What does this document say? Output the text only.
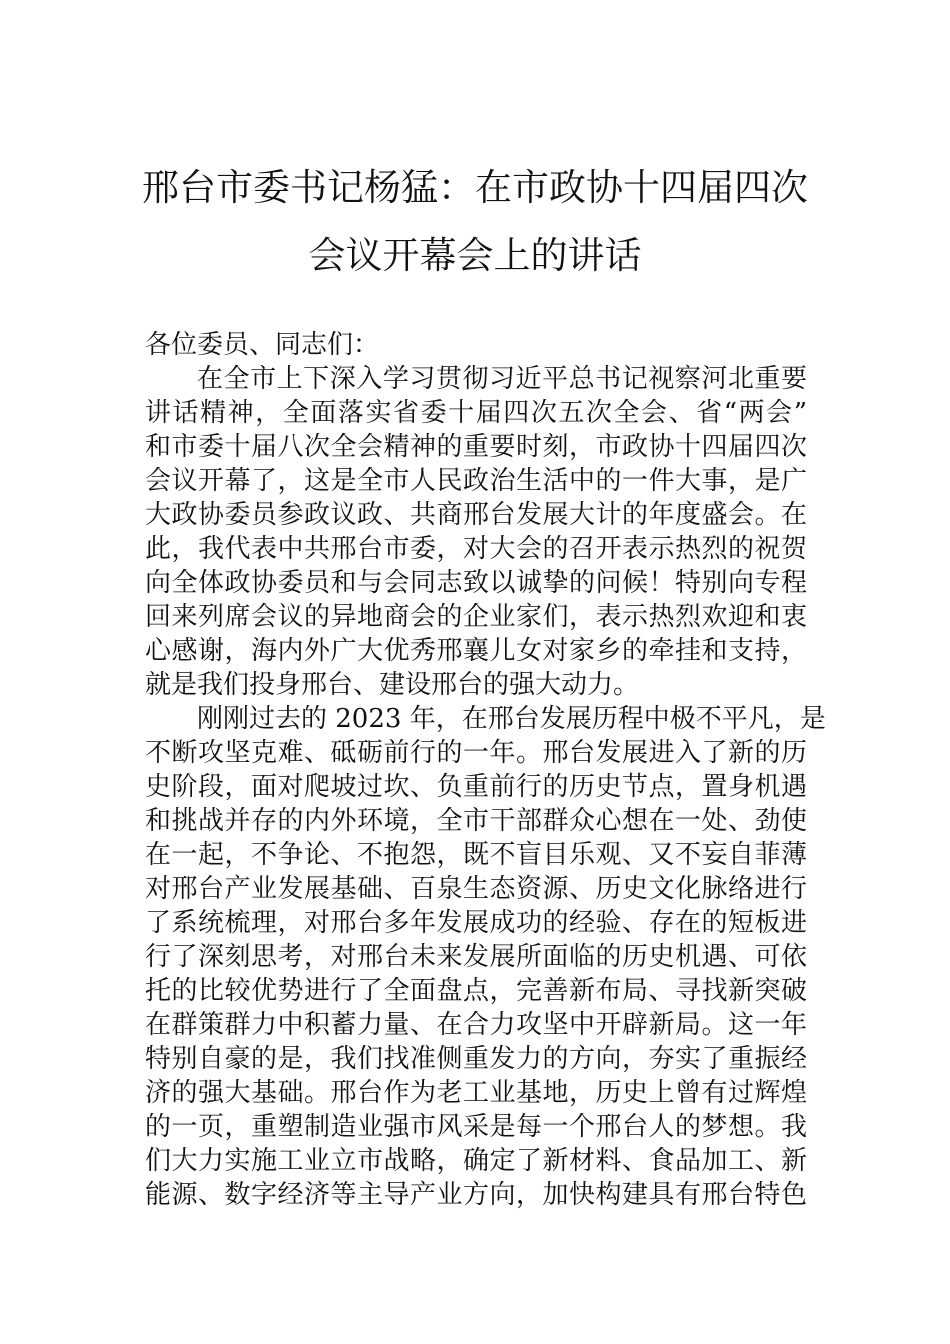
邢台市委书记杨猛：在市政协十四届四次
会议开幕会上的讲话
各位委员、同志们：
在全市上下深入学习贯彻习近平总书记视察河北重要
讲话精神，全面落实省委十届四次五次全会、省“两会”
和市委十届八次全会精神的重要时刻，市政协十四届四次
会议开幕了，这是全市人民政治生活中的一件大事，是广
大政协委员参政议政、共商邢台发展大计的年度盛会。在
此，我代表中共邢台市委，对大会的召开表示热烈的祝贺
向全体政协委员和与会同志致以诚挚的问候！特别向专程
回来列席会议的异地商会的企业家们，表示热烈欢迎和衷
心感谢，海内外广大优秀邢襄儿女对家乡的牵挂和支持，
就是我们投身邢台、建设邢台的强大动力。
刚刚过去的 2023 年，在邢台发展历程中极不平凡，是
不断攻坚克难、砥砺前行的一年。邢台发展进入了新的历
史阶段，面对爬坡过坎、负重前行的历史节点，置身机遇
和挑战并存的内外环境，全市干部群众心想在一处、劲使
在一起，不争论、不抱怨，既不盲目乐观、又不妄自菲薄
对邢台产业发展基础、百泉生态资源、历史文化脉络进行
了系统梳理，对邢台多年发展成功的经验、存在的短板进
行了深刻思考，对邢台未来发展所面临的历史机遇、可依
托的比较优势进行了全面盘点，完善新布局、寻找新突破
在群策群力中积蓄力量、在合力攻坚中开辟新局。这一年
特别自豪的是，我们找准侧重发力的方向，夯实了重振经
济的强大基础。邢台作为老工业基地，历史上曾有过辉煌
的一页，重塑制造业强市风采是每一个邢台人的梦想。我
们大力实施工业立市战略，确定了新材料、食品加工、新
能源、数字经济等主导产业方向，加快构建具有邢台特色
